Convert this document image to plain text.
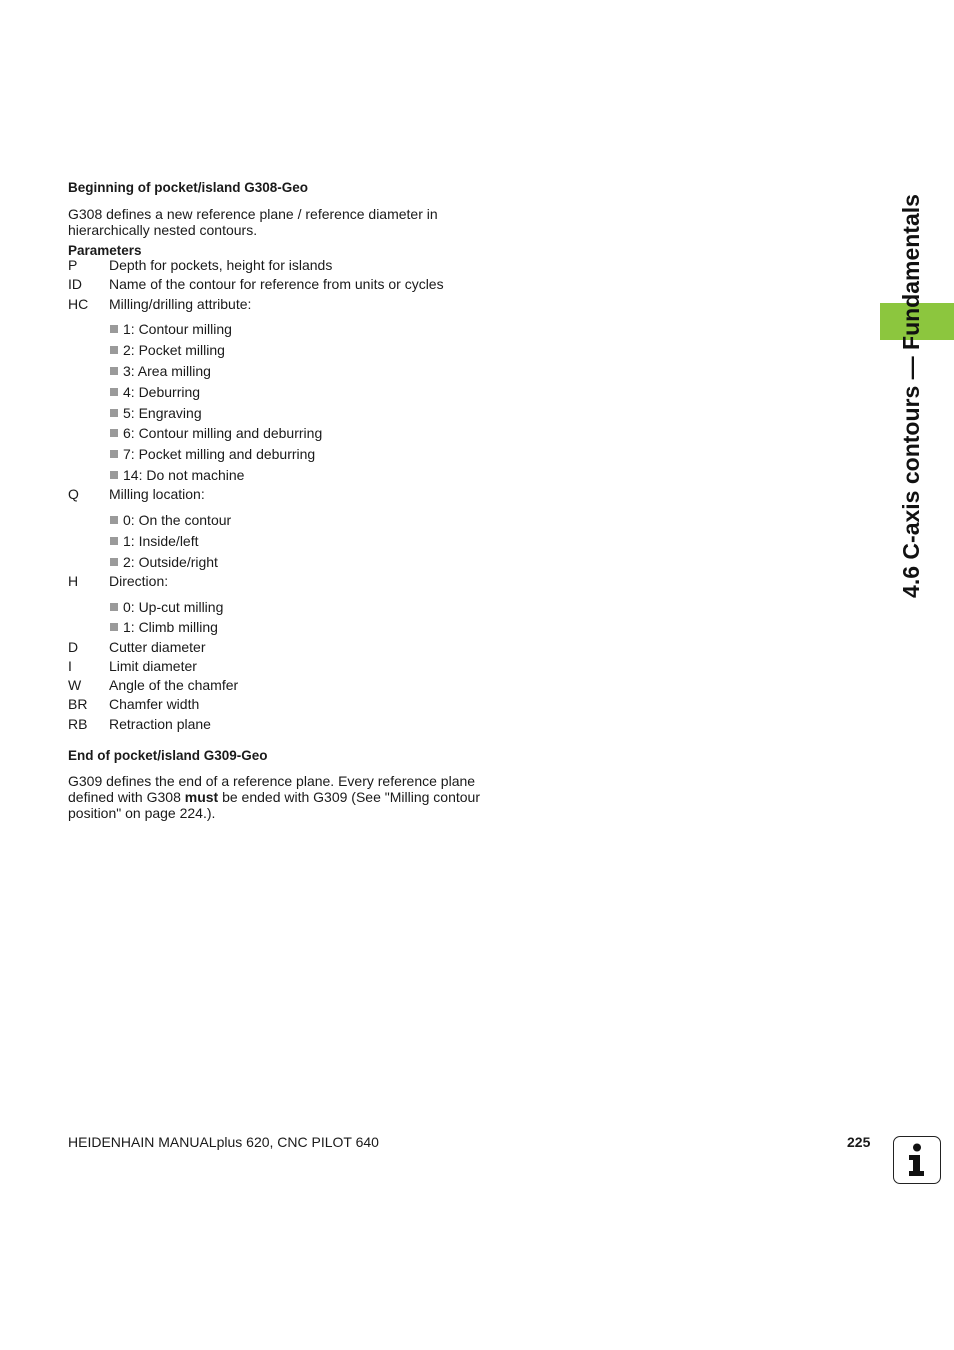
4.6 C-axis contours — Fundamentals
Beginning of pocket/island G308-Geo
G308 defines a new reference plane / reference diameter in
hierarchically nested contours.
Parameters
P Depth for pockets, height for islands
ID Name of the contour for reference from units or cycles
HC Milling/drilling attribute:
1: Contour milling
2: Pocket milling
3: Area milling
4: Deburring
5: Engraving
6: Contour milling and deburring
7: Pocket milling and deburring
14: Do not machine
Q Milling location:
0: On the contour
1: Inside/left
2: Outside/right
H Direction:
0: Up-cut milling
1: Climb milling
D Cutter diameter
I	Limit diameter
W Angle of the chamfer
BR Chamfer width
RB Retraction plane
End of pocket/island G309-Geo
G309 defines the end of a reference plane. Every reference plane
defined with G308 must be ended with G309 (See "Milling contour
position" on page 224.).
HEIDENHAIN MANUALplus 620, CNC PILOT 640	225
